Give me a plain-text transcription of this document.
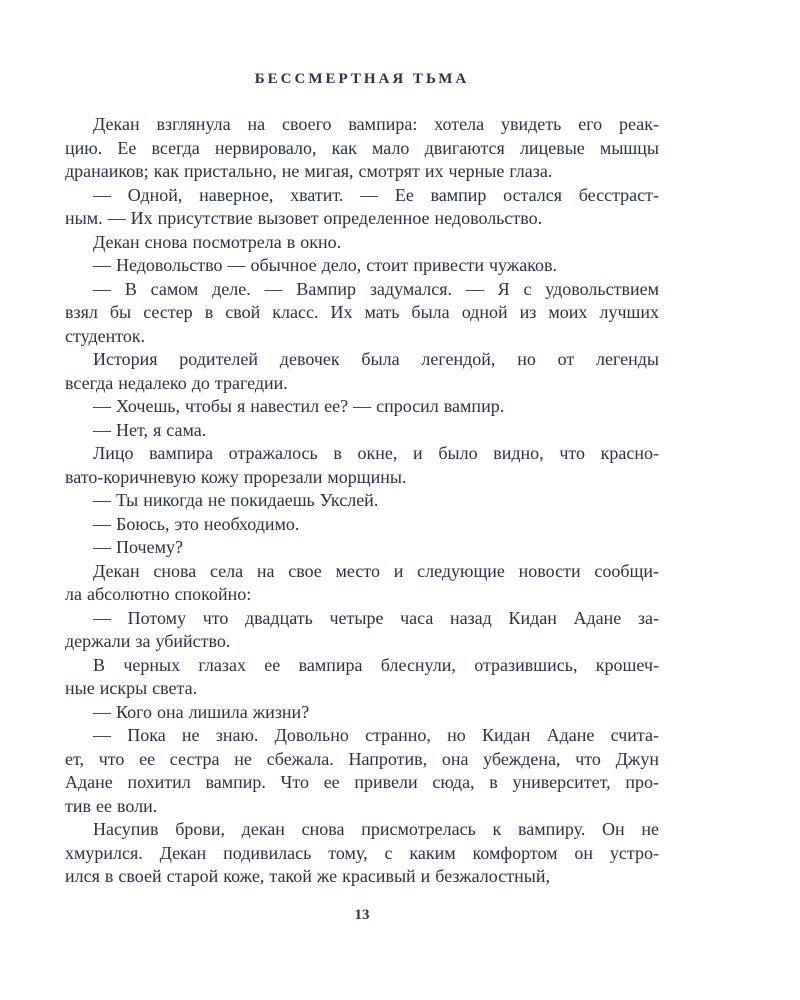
БЕССМЕРТНАЯ ТЬМА
Декан взглянула на своего вампира: хотела увидеть его реак-
цию. Ее всегда нервировало, как мало двигаются лицевые мышцы
дранаиков; как пристально, не мигая, смотрят их черные глаза.
— Одной, наверное, хватит. — Ее вампир остался бесстраст-
ным. — Их присутствие вызовет определенное недовольство.
Декан снова посмотрела в окно.
— Недовольство — обычное дело, стоит привести чужаков.
— В самом деле. — Вампир задумался. — Я с удовольствием
взял бы сестер в свой класс. Их мать была одной из моих лучших
студенток.
История родителей девочек была легендой, но от легенды
всегда недалеко до трагедии.
— Хочешь, чтобы я навестил ее? — спросил вампир.
— Нет, я сама.
Лицо вампира отражалось в окне, и было видно, что красно-
вато-коричневую кожу прорезали морщины.
— Ты никогда не покидаешь Укслей.
— Боюсь, это необходимо.
— Почему?
Декан снова села на свое место и следующие новости сообщи-
ла абсолютно спокойно:
— Потому что двадцать четыре часа назад Кидан Адане за-
держали за убийство.
В черных глазах ее вампира блеснули, отразившись, крошеч-
ные искры света.
— Кого она лишила жизни?
— Пока не знаю. Довольно странно, но Кидан Адане счита-
ет, что ее сестра не сбежала. Напротив, она убеждена, что Джун
Адане похитил вампир. Что ее привели сюда, в университет, про-
тив ее воли.
Насупив брови, декан снова присмотрелась к вампиру. Он не
хмурился. Декан подивилась тому, с каким комфортом он устро-
ился в своей старой коже, такой же красивый и безжалостный,
13
